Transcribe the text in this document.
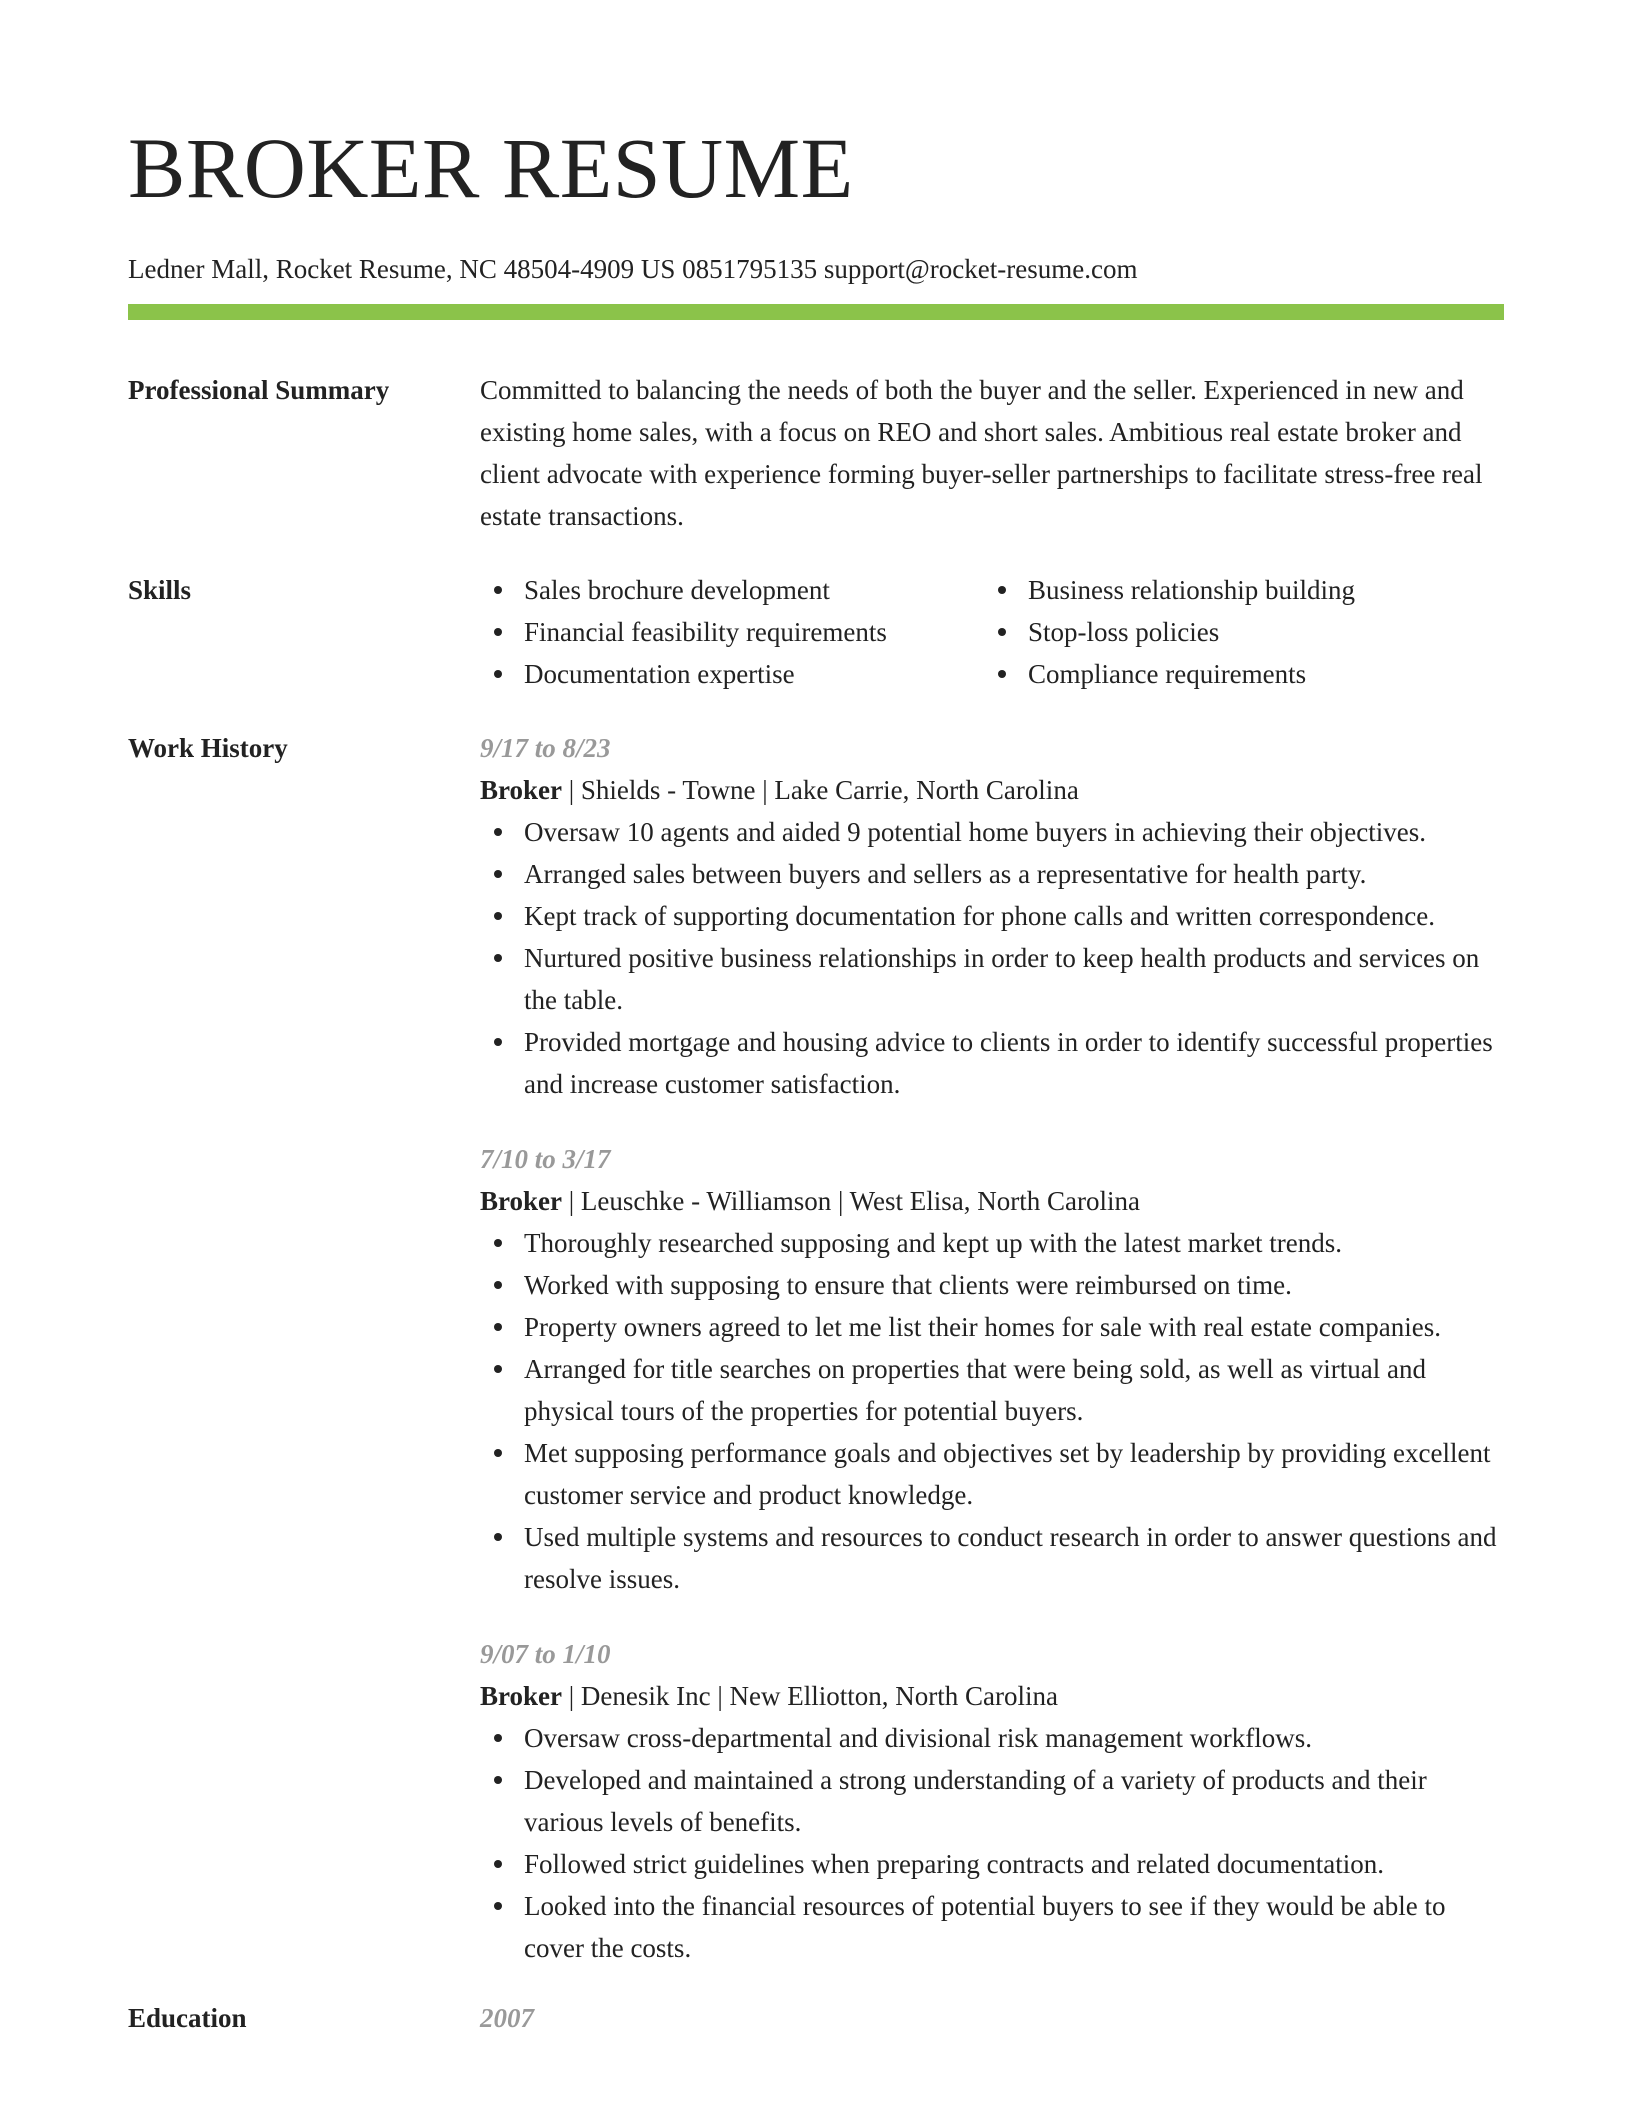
BROKER RESUME
Ledner Mall, Rocket Resume, NC 48504-4909 US 0851795135 support@rocket-resume.com
Professional Summary	Committed to balancing the needs of both the buyer and the seller. Experienced in new and existing home sales, with a focus on REO and short sales. Ambitious real estate broker and client advocate with experience forming buyer-seller partnerships to facilitate stress-free real estate transactions.
Skills	Sales brochure development
Financial feasibility requirements
Documentation expertise
Business relationship building
Stop-loss policies
Compliance requirements
Work History	9/17 to 8/23
Broker | Shields - Towne | Lake Carrie, North Carolina
Oversaw 10 agents and aided 9 potential home buyers in achieving their objectives.
Arranged sales between buyers and sellers as a representative for health party.
Kept track of supporting documentation for phone calls and written correspondence.
Nurtured positive business relationships in order to keep health products and services on the table.
Provided mortgage and housing advice to clients in order to identify successful properties and increase customer satisfaction.
7/10 to 3/17
Broker | Leuschke - Williamson | West Elisa, North Carolina
Thoroughly researched supposing and kept up with the latest market trends.
Worked with supposing to ensure that clients were reimbursed on time.
Property owners agreed to let me list their homes for sale with real estate companies.
Arranged for title searches on properties that were being sold, as well as virtual and physical tours of the properties for potential buyers.
Met supposing performance goals and objectives set by leadership by providing excellent customer service and product knowledge.
Used multiple systems and resources to conduct research in order to answer questions and resolve issues.
9/07 to 1/10
Broker | Denesik Inc | New Elliotton, North Carolina
Oversaw cross-departmental and divisional risk management workflows.
Developed and maintained a strong understanding of a variety of products and their various levels of benefits.
Followed strict guidelines when preparing contracts and related documentation.
Looked into the financial resources of potential buyers to see if they would be able to cover the costs.
Education	2007
